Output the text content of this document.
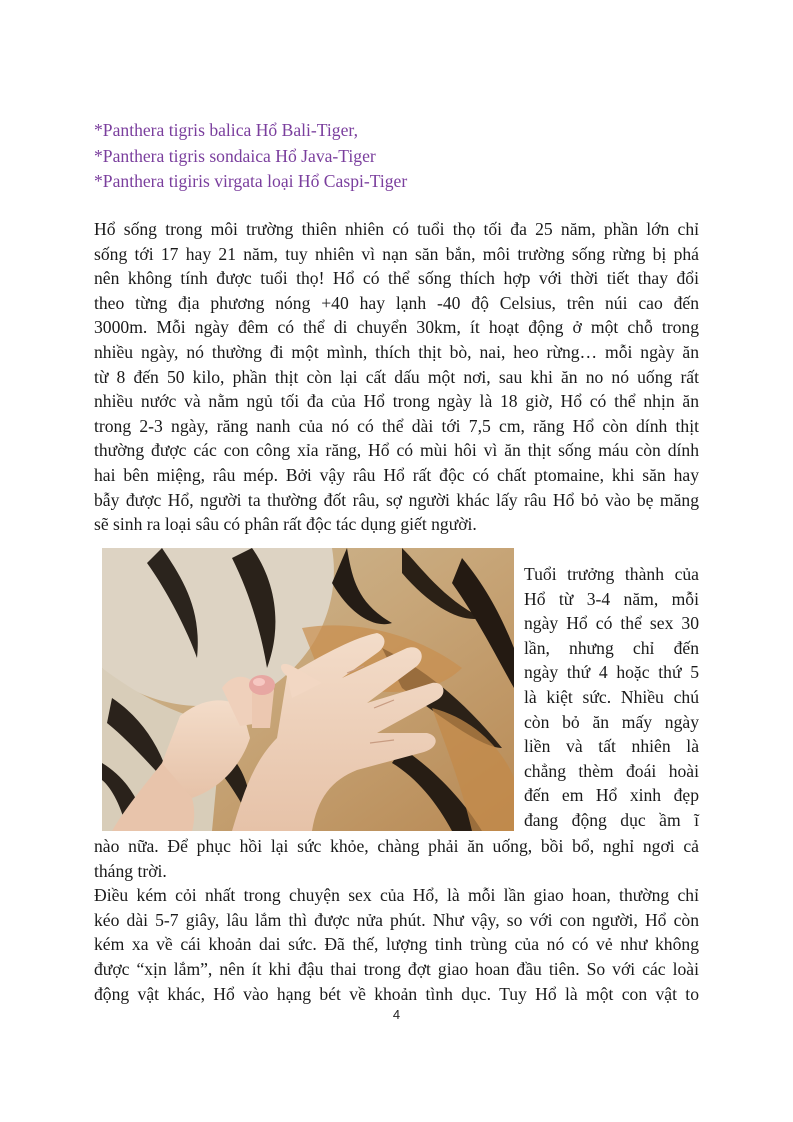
*Panthera tigris balica Hổ Bali-Tiger,
*Panthera tigris sondaica Hổ Java-Tiger
*Panthera tigiris virgata loại Hổ Caspi-Tiger
Hổ sống trong môi trường thiên nhiên có tuổi thọ tối đa 25 năm, phần lớn chỉ
sống tới 17 hay 21 năm, tuy nhiên vì nạn săn bắn, môi trường sống rừng bị phá
nên không tính được tuổi thọ! Hổ có thể sống thích hợp với thời tiết thay đổi
theo từng địa phương nóng +40 hay lạnh -40 độ Celsius, trên núi cao đến
3000m. Mỗi ngày đêm có thể di chuyển 30km, ít hoạt động ở một chỗ trong
nhiều ngày, nó thường đi một mình, thích thịt bò, nai, heo rừng… mỗi ngày ăn
từ 8 đến 50 kilo, phần thịt còn lại cất dấu một nơi, sau khi ăn no nó uống rất
nhiều nước và nằm ngủ tối đa của Hổ trong ngày là 18 giờ, Hổ có thể nhịn ăn
trong 2-3 ngày, răng nanh của nó có thể dài tới 7,5 cm, răng Hổ còn dính thịt
thường được các con công xỉa răng, Hổ có mùi hôi vì ăn thịt sống máu còn dính
hai bên miệng, râu mép. Bởi vậy râu Hổ rất độc có chất ptomaine, khi săn hay
bẫy được Hổ, người ta thường đốt râu, sợ người khác lấy râu Hổ bỏ vào bẹ măng
sẽ sinh ra loại sâu có phân rất độc tác dụng giết người.
Tuổi trưởng thành của
Hổ từ 3-4 năm, mỗi
ngày Hổ có thể sex 30
lần, nhưng chỉ đến
ngày thứ 4 hoặc thứ 5
là kiệt sức. Nhiều chú
còn bỏ ăn mấy ngày
liền và tất nhiên là
chẳng thèm đoái hoài
đến em Hổ xinh đẹp
đang động dục ầm ĩ
nào nữa. Để phục hồi lại sức khỏe, chàng phải ăn uống, bồi bổ, nghỉ ngơi cả
tháng trời.
Điều kém cỏi nhất trong chuyện sex của Hổ, là mỗi lần giao hoan, thường chỉ
kéo dài 5-7 giây, lâu lắm thì được nửa phút. Như vậy, so với con người, Hổ còn
kém xa về cái khoản dai sức. Đã thế, lượng tinh trùng của nó có vẻ như không
được “xịn lắm”, nên ít khi đậu thai trong đợt giao hoan đầu tiên. So với các loài
động vật khác, Hổ vào hạng bét về khoản tình dục. Tuy Hổ là một con vật to
4
